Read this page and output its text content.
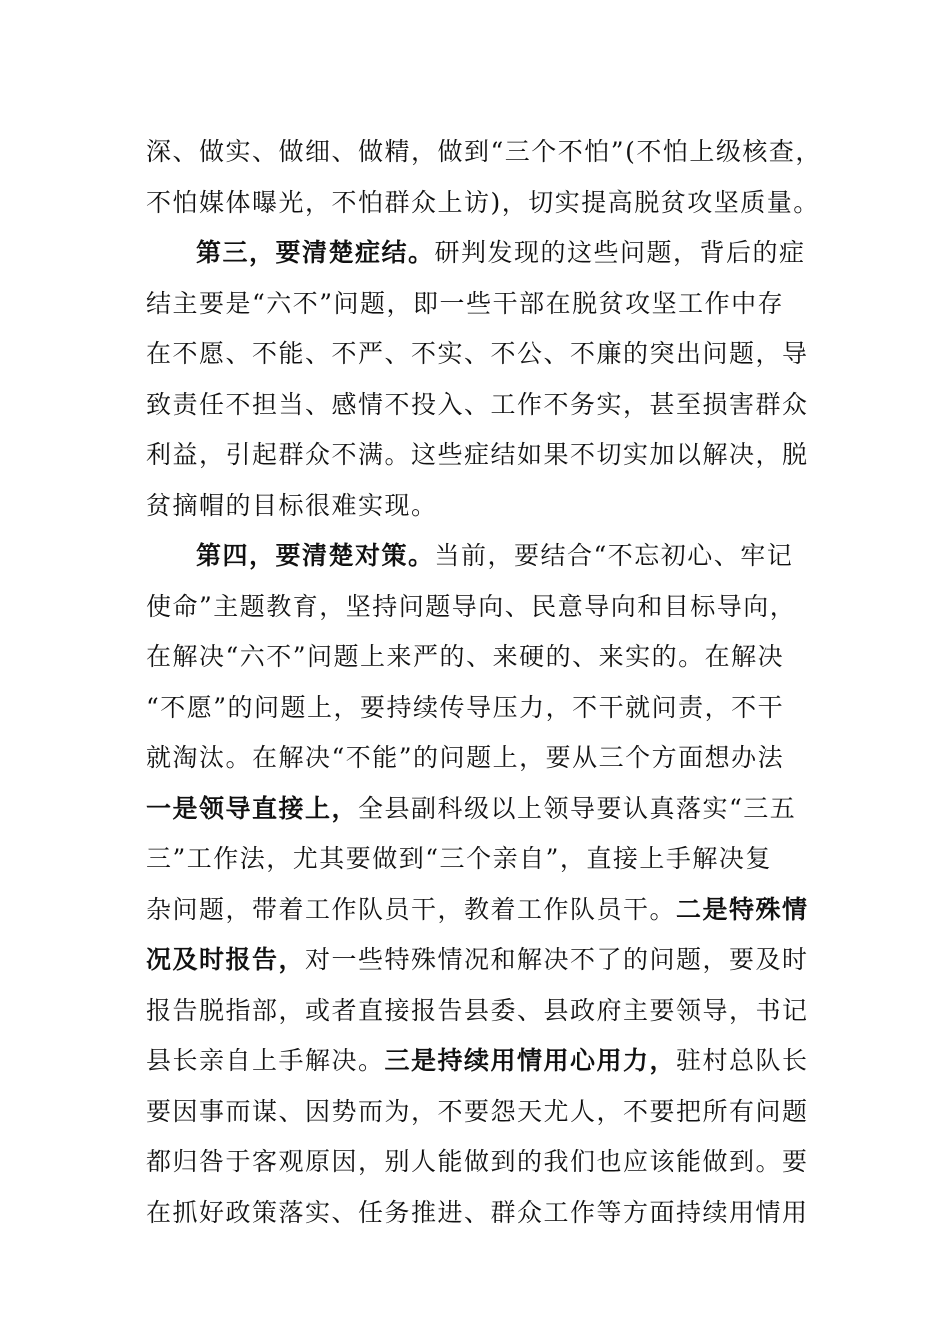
深、做实、做细、做精，做到“三个不怕”(不怕上级核查，
不怕媒体曝光，不怕群众上访)，切实提高脱贫攻坚质量。
第三，要清楚症结。研判发现的这些问题，背后的症
结主要是“六不”问题，即一些干部在脱贫攻坚工作中存
在不愿、不能、不严、不实、不公、不廉的突出问题，导
致责任不担当、感情不投入、工作不务实，甚至损害群众
利益，引起群众不满。这些症结如果不切实加以解决，脱
贫摘帽的目标很难实现。
第四，要清楚对策。当前，要结合“不忘初心、牢记
使命”主题教育，坚持问题导向、民意导向和目标导向，
在解决“六不”问题上来严的、来硬的、来实的。在解决
“不愿”的问题上，要持续传导压力，不干就问责，不干
就淘汰。在解决“不能”的问题上，要从三个方面想办法
一是领导直接上，全县副科级以上领导要认真落实“三五
三”工作法，尤其要做到“三个亲自”，直接上手解决复
杂问题，带着工作队员干，教着工作队员干。二是特殊情
况及时报告，对一些特殊情况和解决不了的问题，要及时
报告脱指部，或者直接报告县委、县政府主要领导，书记
县长亲自上手解决。三是持续用情用心用力，驻村总队长
要因事而谋、因势而为，不要怨天尤人，不要把所有问题
都归咎于客观原因，别人能做到的我们也应该能做到。要
在抓好政策落实、任务推进、群众工作等方面持续用情用
